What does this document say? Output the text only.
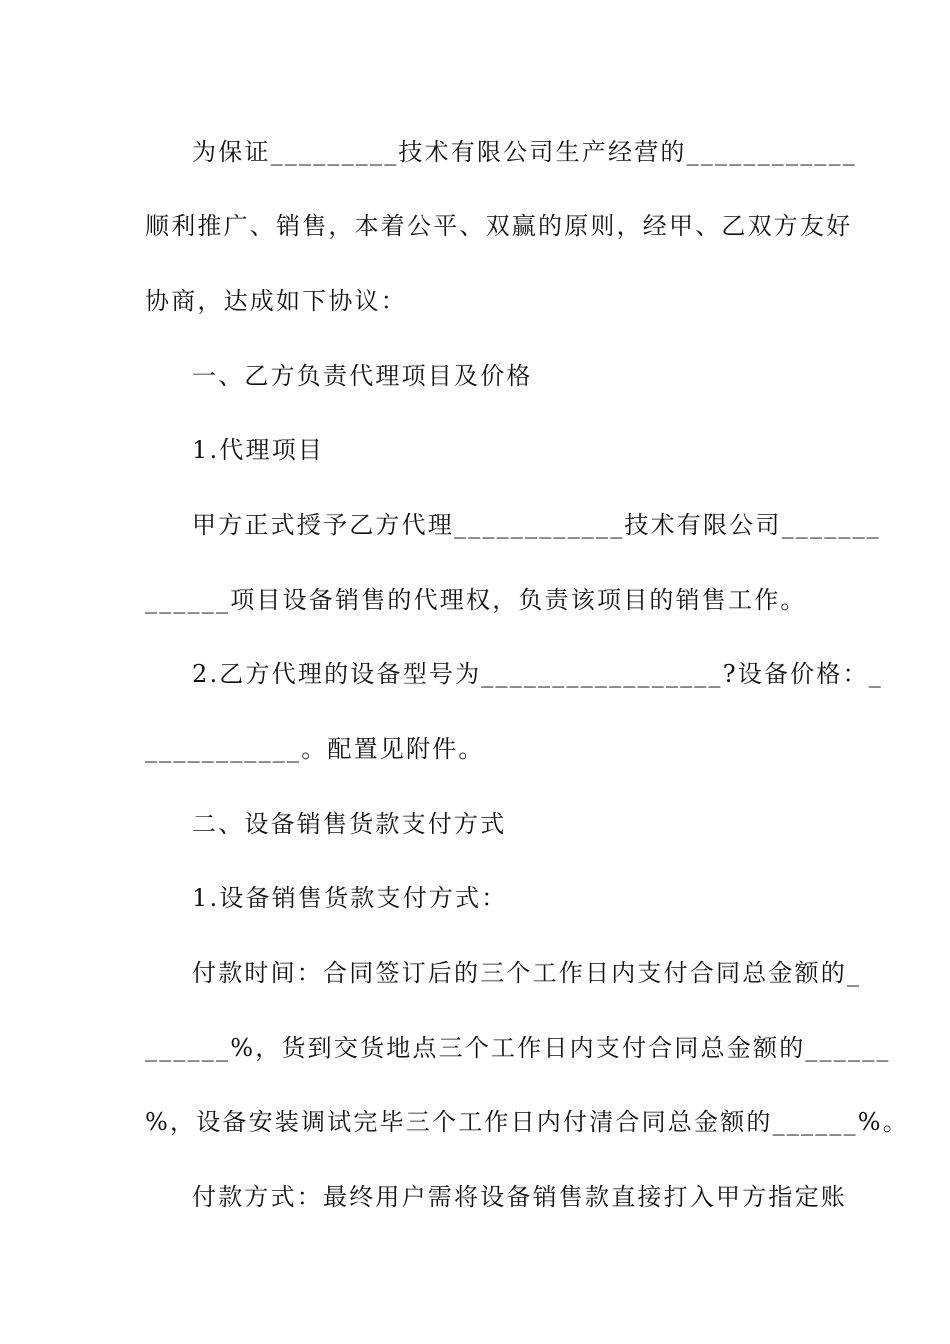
为保证_________技术有限公司生产经营的____________
顺利推广、销售，本着公平、双赢的原则，经甲、乙双方友好
协商，达成如下协议：
一、乙方负责代理项目及价格
1.代理项目
甲方正式授予乙方代理____________技术有限公司_______
______项目设备销售的代理权，负责该项目的销售工作。
2.乙方代理的设备型号为_________________?设备价格：_
___________。配置见附件。
二、设备销售货款支付方式
1.设备销售货款支付方式：
付款时间：合同签订后的三个工作日内支付合同总金额的_
______%，货到交货地点三个工作日内支付合同总金额的______
%，设备安装调试完毕三个工作日内付清合同总金额的______%。
付款方式：最终用户需将设备销售款直接打入甲方指定账
